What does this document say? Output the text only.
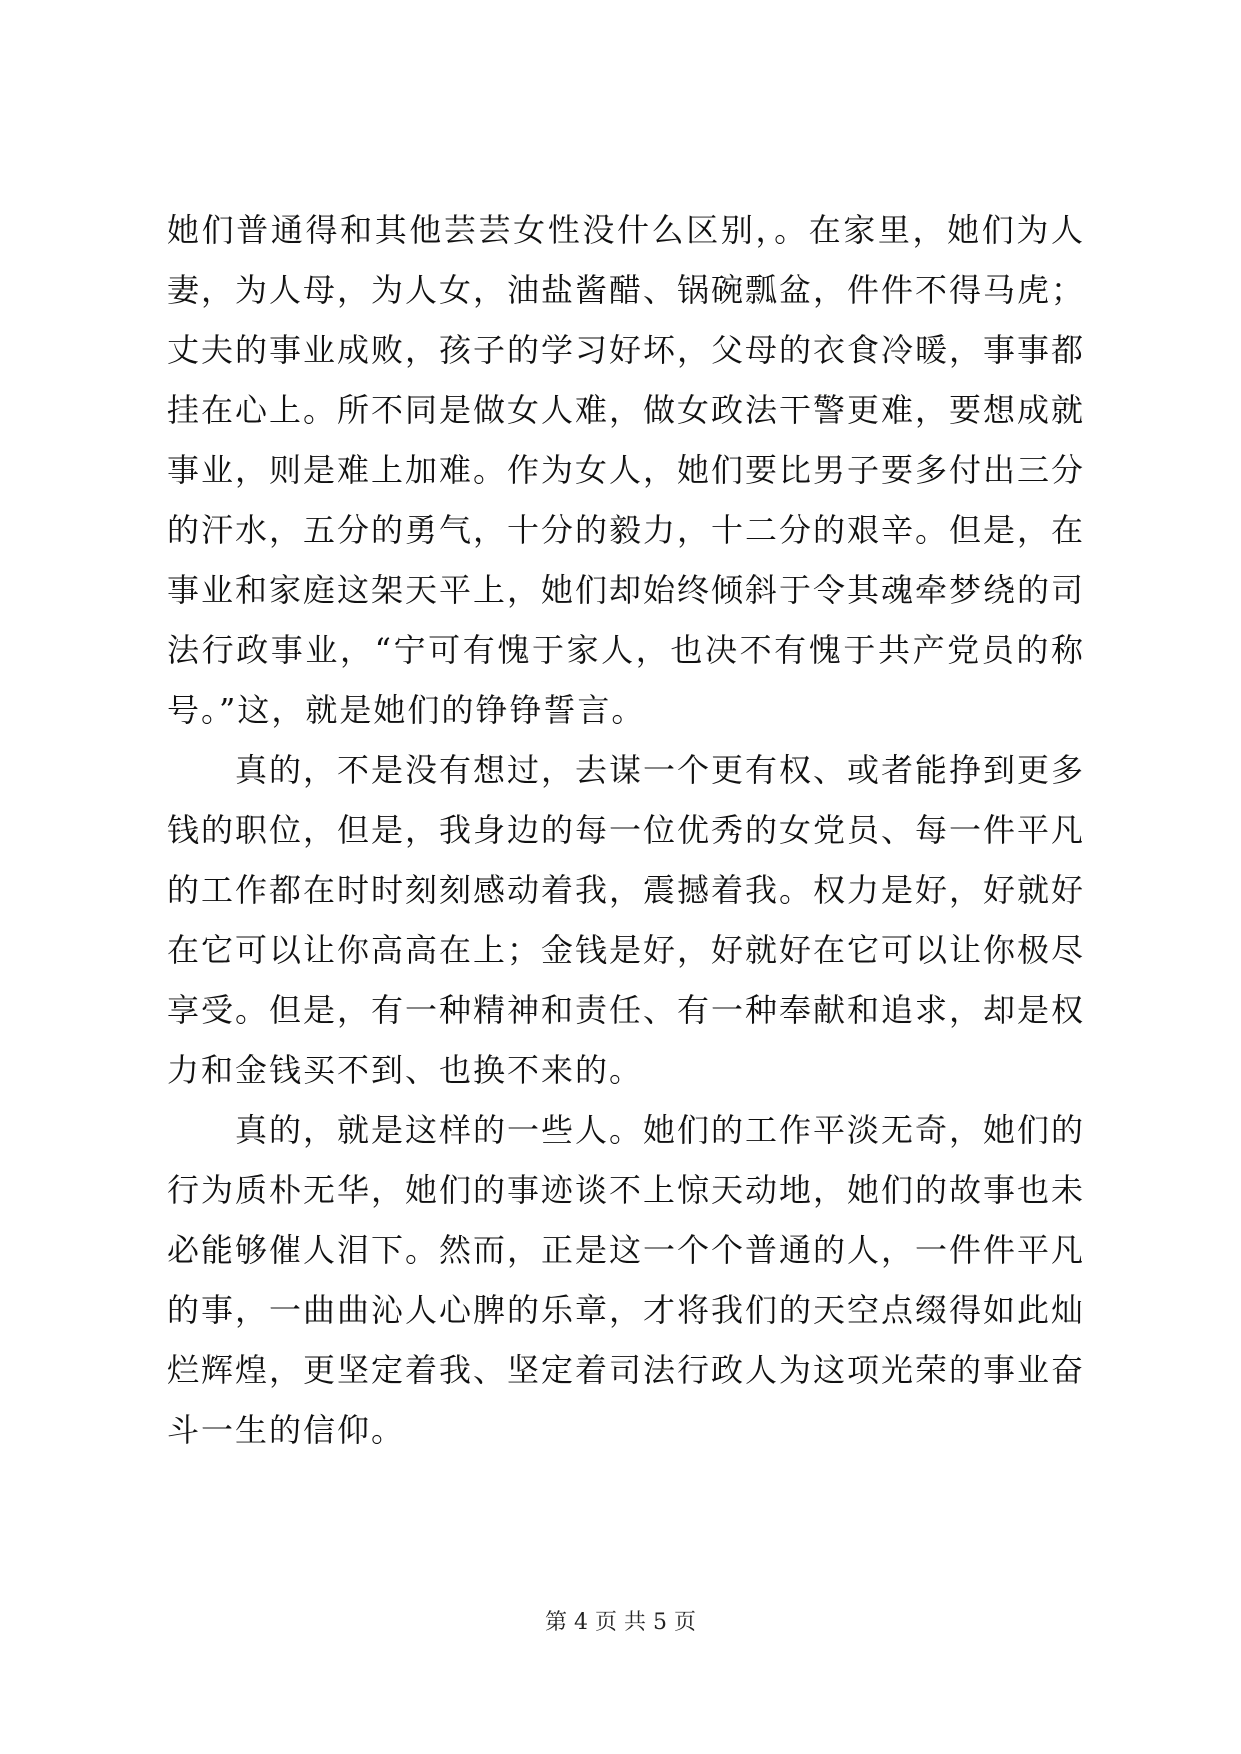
她们普通得和其他芸芸女性没什么区别，。在家里，她们为人妻，为人母，为人女，油盐酱醋、锅碗瓢盆，件件不得马虎；丈夫的事业成败，孩子的学习好坏，父母的衣食冷暖，事事都挂在心上。所不同是做女人难，做女政法干警更难，要想成就事业，则是难上加难。作为女人，她们要比男子要多付出三分的汗水，五分的勇气，十分的毅力，十二分的艰辛。但是，在事业和家庭这架天平上，她们却始终倾斜于令其魂牵梦绕的司法行政事业，“宁可有愧于家人，也决不有愧于共产党员的称号。”这，就是她们的铮铮誓言。

真的，不是没有想过，去谋一个更有权、或者能挣到更多钱的职位，但是，我身边的每一位优秀的女党员、每一件平凡的工作都在时时刻刻感动着我，震撼着我。权力是好，好就好在它可以让你高高在上；金钱是好，好就好在它可以让你极尽享受。但是，有一种精神和责任、有一种奉献和追求，却是权力和金钱买不到、也换不来的。

真的，就是这样的一些人。她们的工作平淡无奇，她们的行为质朴无华，她们的事迹谈不上惊天动地，她们的故事也未必能够催人泪下。然而，正是这一个个普通的人，一件件平凡的事，一曲曲沁人心脾的乐章，才将我们的天空点缀得如此灿烂辉煌，更坚定着我、坚定着司法行政人为这项光荣的事业奋斗一生的信仰。

第 4 页 共 5 页
